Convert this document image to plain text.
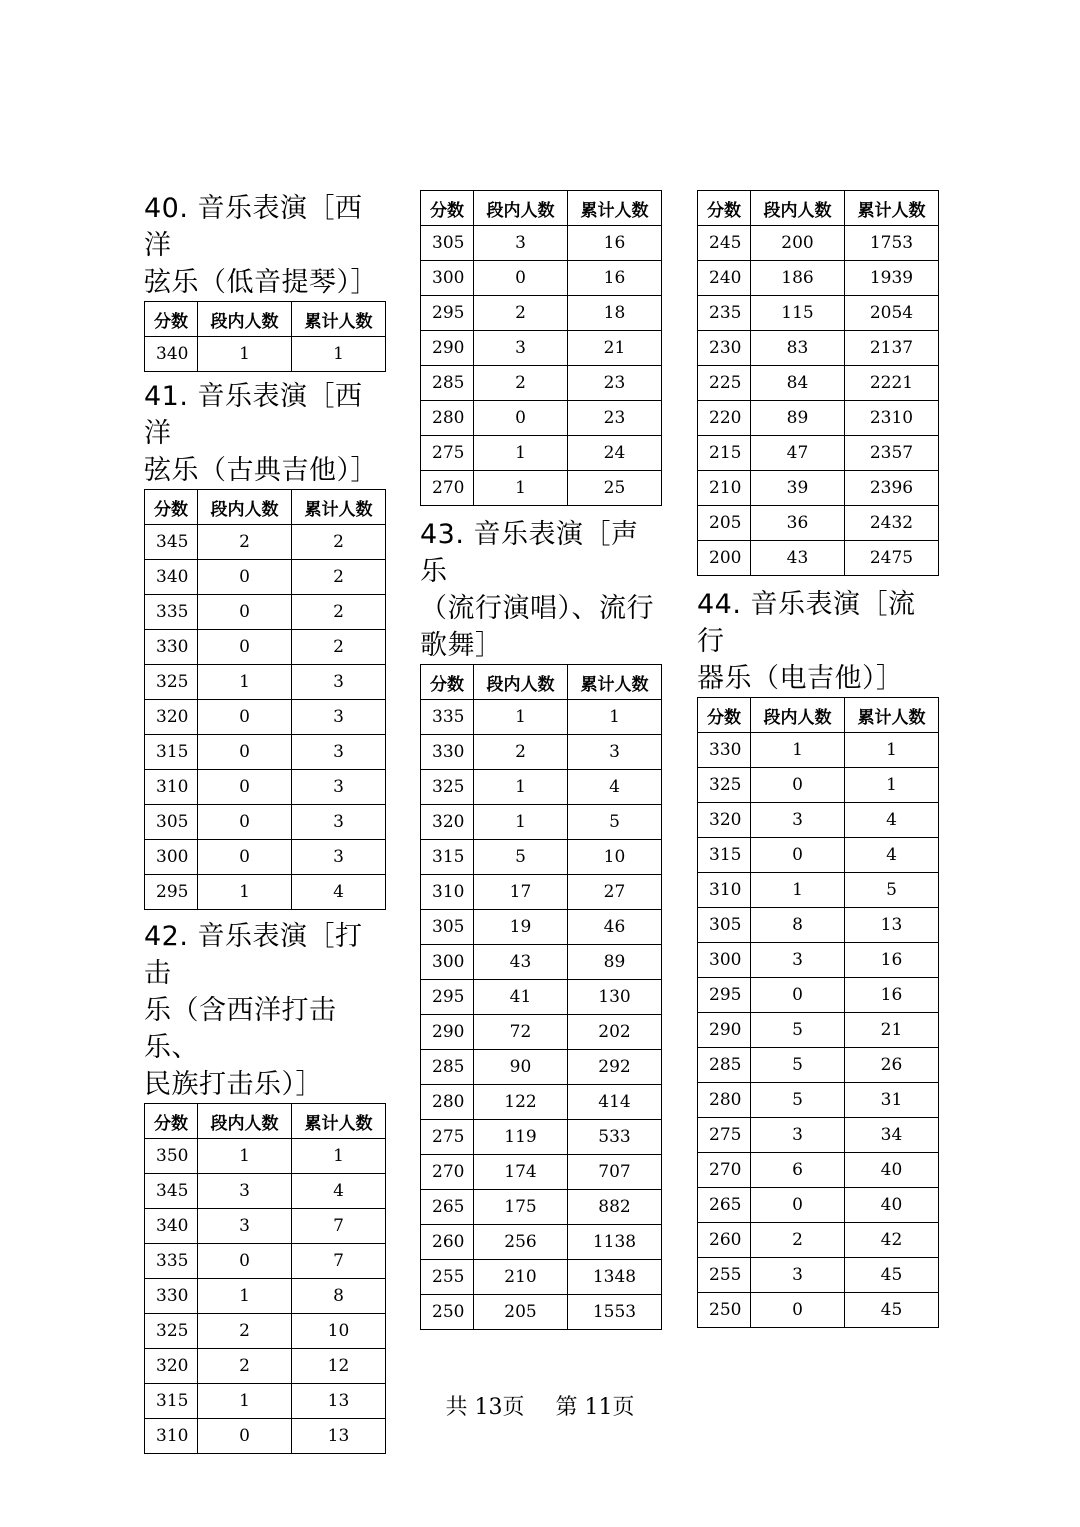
40. 音乐表演［西洋
弦乐（低音提琴）］
分数	段内人数	累计人数
340	1	1
41. 音乐表演［西洋
弦乐（古典吉他）］
分数	段内人数	累计人数
345	2	2
340	0	2
335	0	2
330	0	2
325	1	3
320	0	3
315	0	3
310	0	3
305	0	3
300	0	3
295	1	4
42. 音乐表演［打击
乐（含西洋打击乐、
民族打击乐）］
分数	段内人数	累计人数
350	1	1
345	3	4
340	3	7
335	0	7
330	1	8
325	2	10
320	2	12
315	1	13
310	0	13
分数	段内人数	累计人数
305	3	16
300	0	16
295	2	18
290	3	21
285	2	23
280	0	23
275	1	24
270	1	25
43. 音乐表演［声乐
（流行演唱）、流行
歌舞］
分数	段内人数	累计人数
335	1	1
330	2	3
325	1	4
320	1	5
315	5	10
310	17	27
305	19	46
300	43	89
295	41	130
290	72	202
285	90	292
280	122	414
275	119	533
270	174	707
265	175	882
260	256	1138
255	210	1348
250	205	1553
分数	段内人数	累计人数
245	200	1753
240	186	1939
235	115	2054
230	83	2137
225	84	2221
220	89	2310
215	47	2357
210	39	2396
205	36	2432
200	43	2475
44. 音乐表演［流行
器乐（电吉他）］
分数	段内人数	累计人数
330	1	1
325	0	1
320	3	4
315	0	4
310	1	5
305	8	13
300	3	16
295	0	16
290	5	21
285	5	26
280	5	31
275	3	34
270	6	40
265	0	40
260	2	42
255	3	45
250	0	45
共 13页 第 11页
